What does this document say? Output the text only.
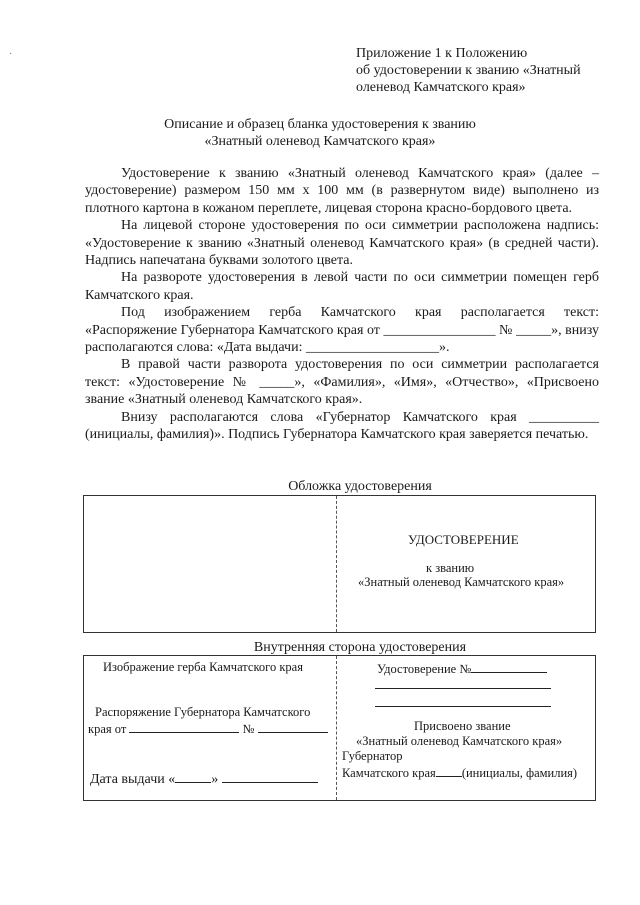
·	Приложение 1 к Положению
об удостоверении к званию «Знатный
оленевод Камчатского края»
Описание и образец бланка удостоверения к званию
«Знатный оленевод Камчатского края»

Удостоверение к званию «Знатный оленевод Камчатского края» (далее – удостоверение) размером 150 мм х 100 мм (в развернутом виде) выполнено из плотного картона в кожаном переплете, лицевая сторона красно-бордового цвета.

На лицевой стороне удостоверения по оси симметрии расположена надпись: «Удостоверение к званию «Знатный оленевод Камчатского края» (в средней части). Надпись напечатана буквами золотого цвета.

На развороте удостоверения в левой части по оси симметрии помещен герб Камчатского края.

Под изображением герба Камчатского края располагается текст: «Распоряжение Губернатора Камчатского края от ________________ № _____», внизу располагаются слова: «Дата выдачи: ___________________».

В правой части разворота удостоверения по оси симметрии располагается текст: «Удостоверение № _____», «Фамилия», «Имя», «Отчество», «Присвоено звание «Знатный оленевод Камчатского края».

Внизу располагаются слова «Губернатор Камчатского края __________ (инициалы, фамилия)». Подпись Губернатора Камчатского края заверяется печатью.

Обложка удостоверения
УДОСТОВЕРЕНИЕ
к званию
«Знатный оленевод Камчатского края»
Внутренняя сторона удостоверения
Изображение герба Камчатского края
Распоряжение Губернатора Камчатского
края от	№
Дата выдачи «	»
Удостоверение №
Присвоено звание
«Знатный оленевод Камчатского края»
Губернатор
Камчатского края (инициалы, фамилия)
